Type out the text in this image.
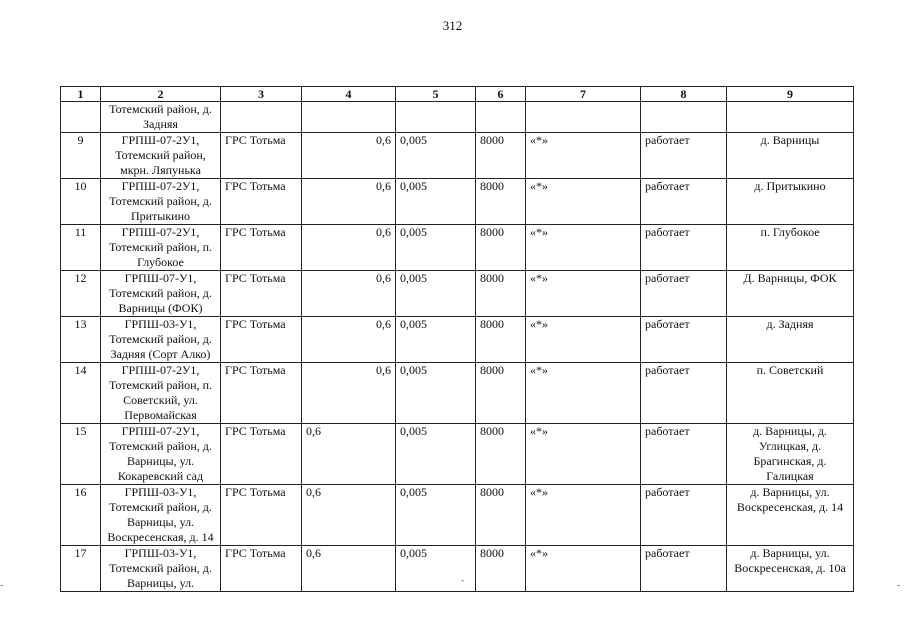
312
1	2	3	4	5	6	7	8	9
	Тотемский район, д. Задняя							
9	ГРПШ-07-2У1, Тотемский район, мкрн. Ляпунька	ГРС Тотьма	0,6	0,005	8000	«*»	работает	д. Варницы
10	ГРПШ-07-2У1, Тотемский район, д. Притыкино	ГРС Тотьма	0,6	0,005	8000	«*»	работает	д. Притыкино
11	ГРПШ-07-2У1, Тотемский район, п. Глубокое	ГРС Тотьма	0,6	0,005	8000	«*»	работает	п. Глубокое
12	ГРПШ-07-У1, Тотемский район, д. Варницы (ФОК)	ГРС Тотьма	0,6	0,005	8000	«*»	работает	Д. Варницы, ФОК
13	ГРПШ-03-У1, Тотемский район, д. Задняя (Сорт Алко)	ГРС Тотьма	0,6	0,005	8000	«*»	работает	д. Задняя
14	ГРПШ-07-2У1, Тотемский район, п. Советский, ул. Первомайская	ГРС Тотьма	0,6	0,005	8000	«*»	работает	п. Советский
15	ГРПШ-07-2У1, Тотемский район, д. Варницы, ул. Кокаревский сад	ГРС Тотьма	0,6	0,005	8000	«*»	работает	д. Варницы, д. Углицкая, д. Брагинская, д. Галицкая
16	ГРПШ-03-У1, Тотемский район, д. Варницы, ул. Воскресенская, д. 14	ГРС Тотьма	0,6	0,005	8000	«*»	работает	д. Варницы, ул. Воскресенская, д. 14
17	ГРПШ-03-У1, Тотемский район, д. Варницы, ул.	ГРС Тотьма	0,6	0,005	8000	«*»	работает	д. Варницы, ул. Воскресенская, д. 10а
ˎ
-	-
